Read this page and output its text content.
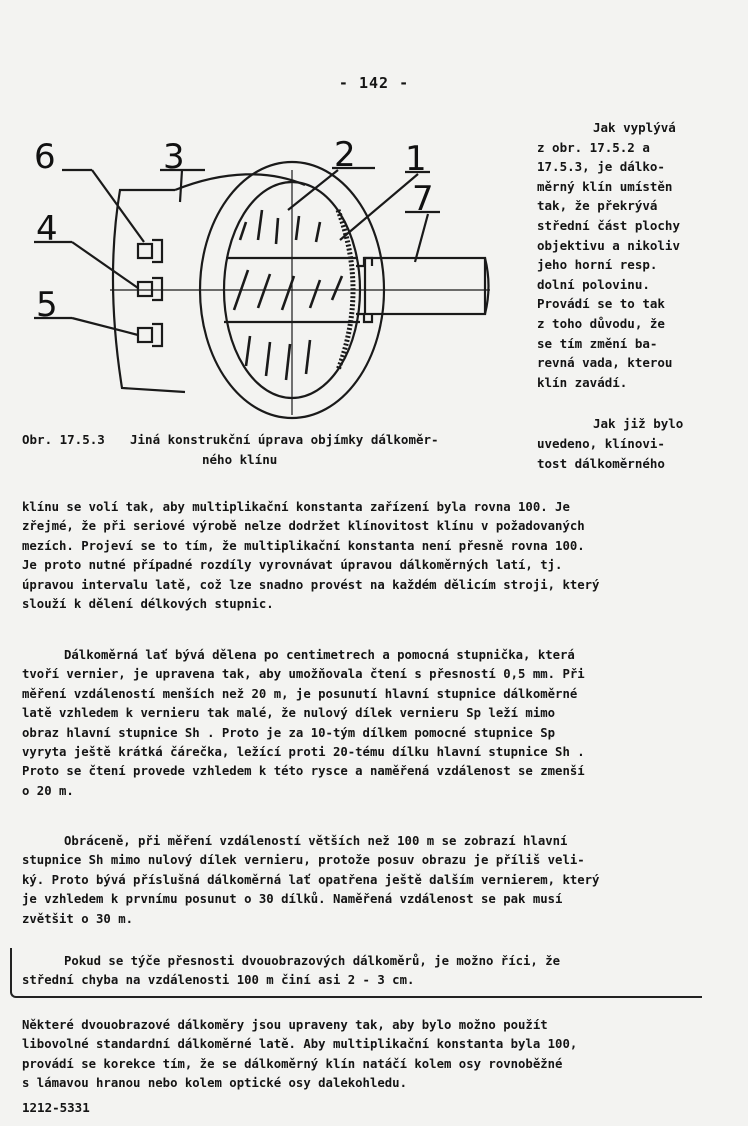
- 142 -
6	3	2 1
7
4
5
Obr. 17.5.3 Jiná konstrukční úprava objímky dálkoměr-
ného klínu
Jak vyplývá
z obr. 17.5.2 a
17.5.3, je dálko-
měrný klín umístěn
tak, že překrývá
střední část plochy
objektivu a nikoliv
jeho horní resp.
dolní polovinu.
Provádí se to tak
z toho důvodu, že
se tím změní ba-
revná vada, kterou
klín zavádí.
Jak již bylo
uvedeno, klínovi-
tost dálkoměrného
klínu se volí tak, aby multiplikační konstanta zařízení byla rovna 100. Je
zřejmé, že při seriové výrobě nelze dodržet klínovitost klínu v požadovaných
mezích. Projeví se to tím, že multiplikační konstanta není přesně rovna 100.
Je proto nutné případné rozdíly vyrovnávat úpravou dálkoměrných latí, tj.
úpravou intervalu latě, což lze snadno provést na každém dělicím stroji, který
slouží k dělení délkových stupnic.
Dálkoměrná lať bývá dělena po centimetrech a pomocná stupnička, která
tvoří vernier, je upravena tak, aby umožňovala čtení s přesností 0,5 mm. Při
měření vzdáleností menších než 20 m, je posunutí hlavní stupnice dálkoměrné
latě vzhledem k vernieru tak malé, že nulový dílek vernieru Sp leží mimo
obraz hlavní stupnice Sh . Proto je za 10-tým dílkem pomocné stupnice Sp
vyryta ještě krátká čárečka, ležící proti 20-tému dílku hlavní stupnice Sh .
Proto se čtení provede vzhledem k této rysce a naměřená vzdálenost se zmenší
o 20 m.
Obráceně, při měření vzdáleností větších než 100 m se zobrazí hlavní
stupnice Sh mimo nulový dílek vernieru, protože posuv obrazu je příliš veli-
ký. Proto bývá příslušná dálkoměrná lať opatřena ještě dalším vernierem, který
je vzhledem k prvnímu posunut o 30 dílků. Naměřená vzdálenost se pak musí
zvětšit o 30 m.
Pokud se týče přesnosti dvouobrazových dálkoměrů, je možno říci, že
střední chyba na vzdálenosti 100 m činí asi 2 - 3 cm.
Některé dvouobrazové dálkoměry jsou upraveny tak, aby bylo možno použít
libovolné standardní dálkoměrné latě. Aby multiplikační konstanta byla 100,
provádí se korekce tím, že se dálkoměrný klín natáčí kolem osy rovnoběžné
s lámavou hranou nebo kolem optické osy dalekohledu.
1212-5331
